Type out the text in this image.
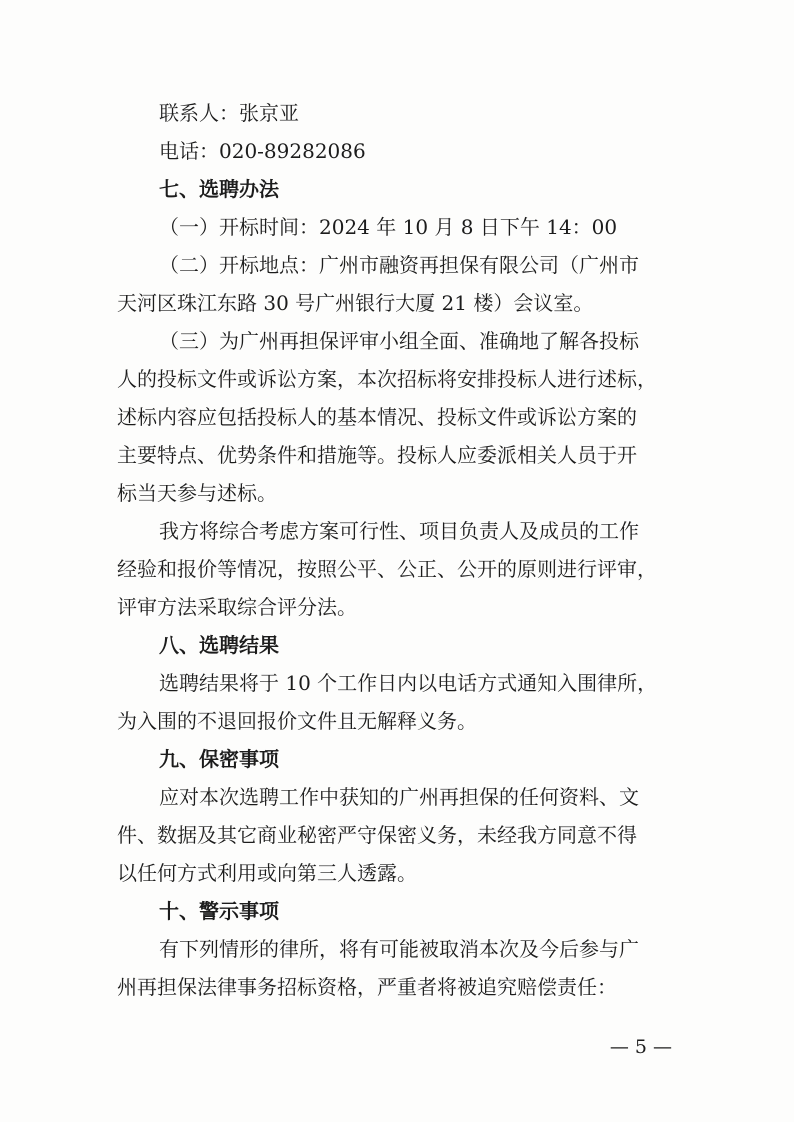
联系人：张京亚
电话：020-89282086
七、选聘办法
（一）开标时间：2024 年 10 月 8 日下午 14：00
（二）开标地点：广州市融资再担保有限公司（广州市
天河区珠江东路 30 号广州银行大厦 21 楼）会议室。
（三）为广州再担保评审小组全面、准确地了解各投标
人的投标文件或诉讼方案，本次招标将安排投标人进行述标，
述标内容应包括投标人的基本情况、投标文件或诉讼方案的
主要特点、优势条件和措施等。投标人应委派相关人员于开
标当天参与述标。
我方将综合考虑方案可行性、项目负责人及成员的工作
经验和报价等情况，按照公平、公正、公开的原则进行评审，
评审方法采取综合评分法。
八、选聘结果
选聘结果将于 10 个工作日内以电话方式通知入围律所，
为入围的不退回报价文件且无解释义务。
九、保密事项
应对本次选聘工作中获知的广州再担保的任何资料、文
件、数据及其它商业秘密严守保密义务，未经我方同意不得
以任何方式利用或向第三人透露。
十、警示事项
有下列情形的律所，将有可能被取消本次及今后参与广
州再担保法律事务招标资格，严重者将被追究赔偿责任：
— 5 —
